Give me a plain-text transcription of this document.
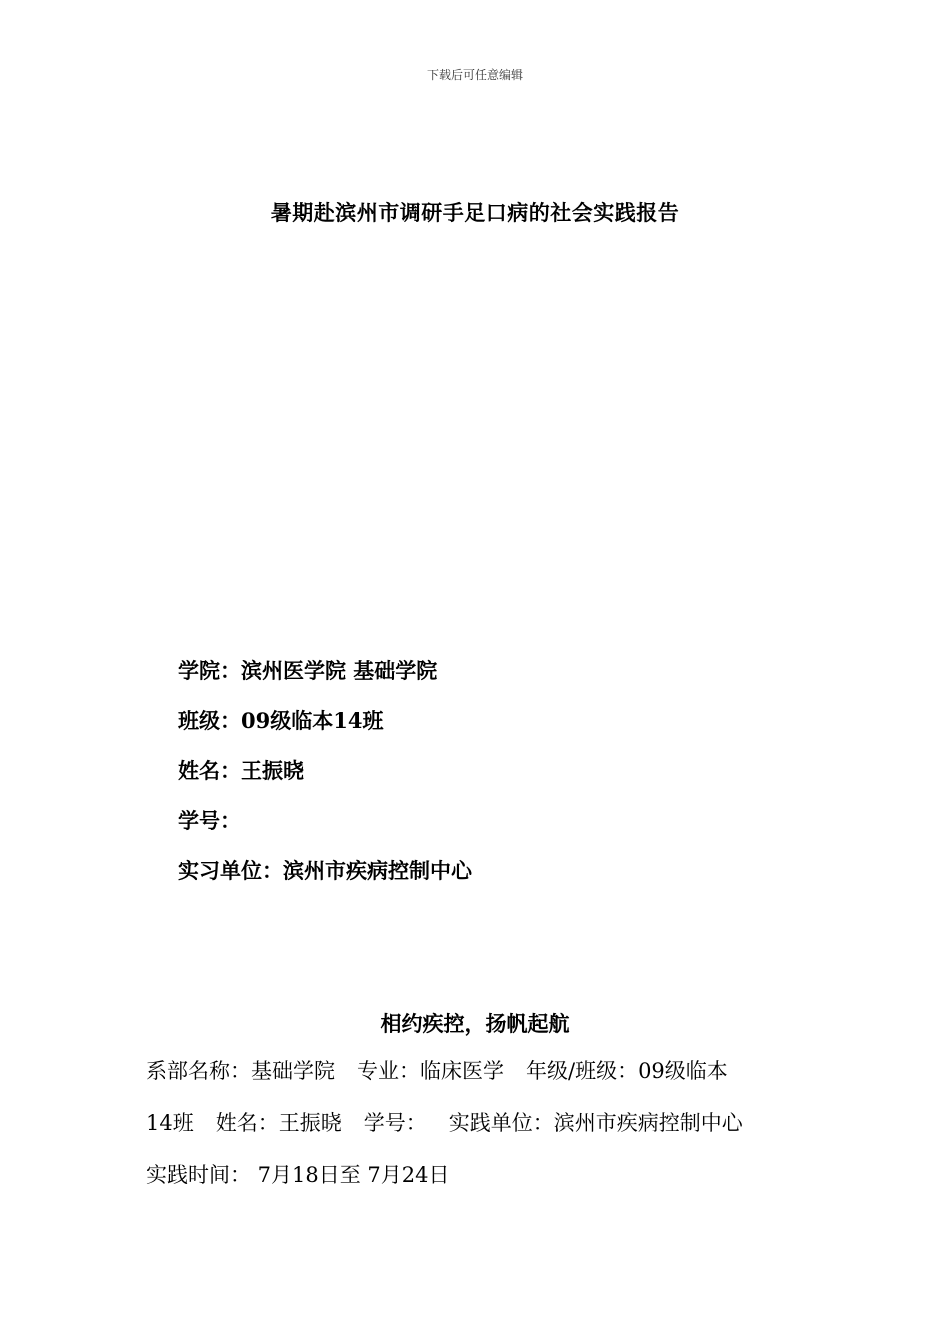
下载后可任意编辑
暑期赴滨州市调研手足口病的社会实践报告
学院：滨州医学院 基础学院
班级：09级临本14班
姓名：王振晓
学号：
实习单位：滨州市疾病控制中心
相约疾控，扬帆起航
系部名称：基础学院 专业：临床医学 年级/班级：09级临本
14班 姓名：王振晓 学号： 实践单位：滨州市疾病控制中心
实践时间： 7月18日至 7月24日
